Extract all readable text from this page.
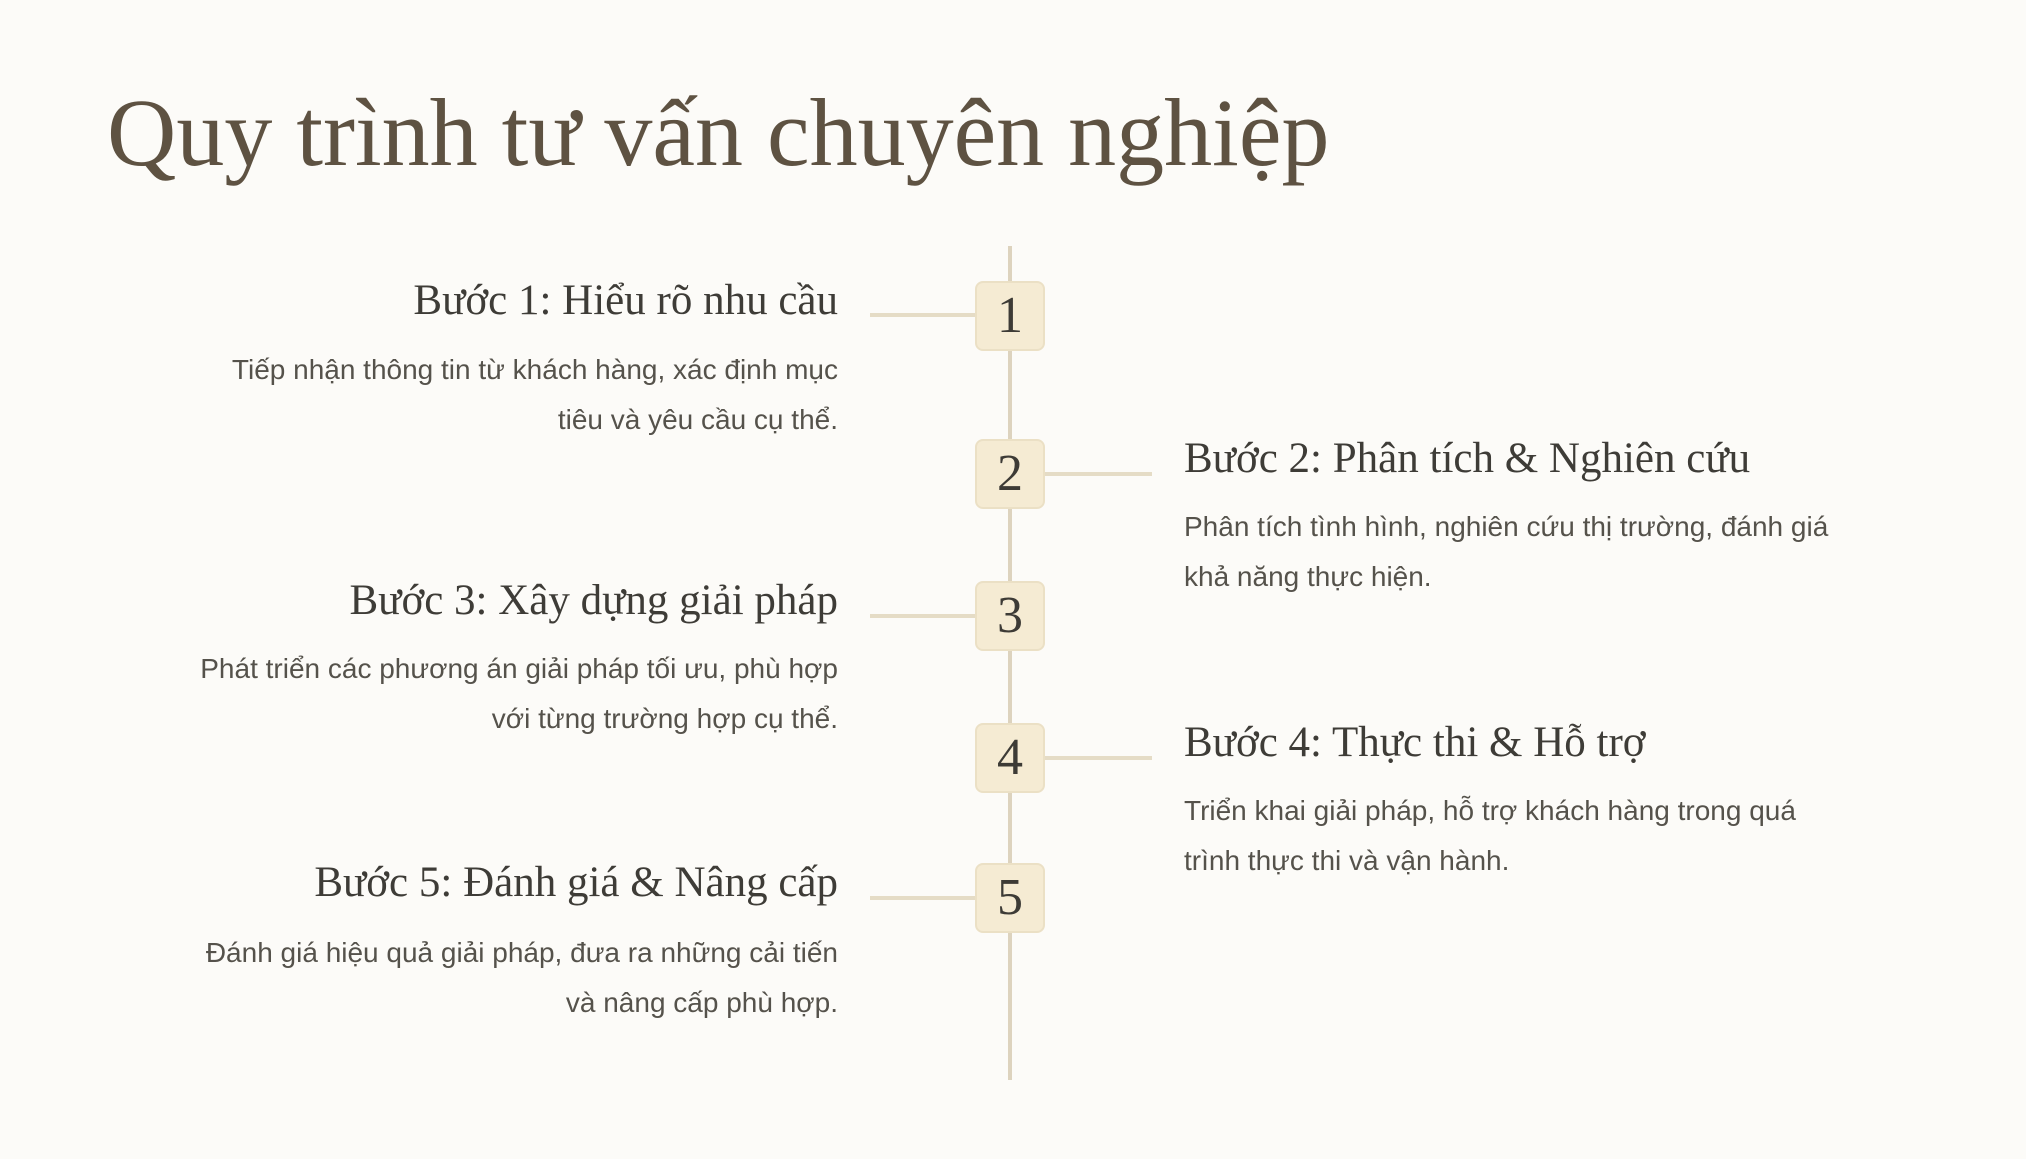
Quy trình tư vấn chuyên nghiệp
1
Bước 1: Hiểu rõ nhu cầu

Tiếp nhận thông tin từ khách hàng, xác định mục
tiêu và yêu cầu cụ thể.

2	Bước 2: Phân tích & Nghiên cứu

Phân tích tình hình, nghiên cứu thị trường, đánh giá
khả năng thực hiện.

3
Bước 3: Xây dựng giải pháp

Phát triển các phương án giải pháp tối ưu, phù hợp
với từng trường hợp cụ thể.

4	Bước 4: Thực thi & Hỗ trợ

Triển khai giải pháp, hỗ trợ khách hàng trong quá
trình thực thi và vận hành.

5
Bước 5: Đánh giá & Nâng cấp

Đánh giá hiệu quả giải pháp, đưa ra những cải tiến
và nâng cấp phù hợp.
